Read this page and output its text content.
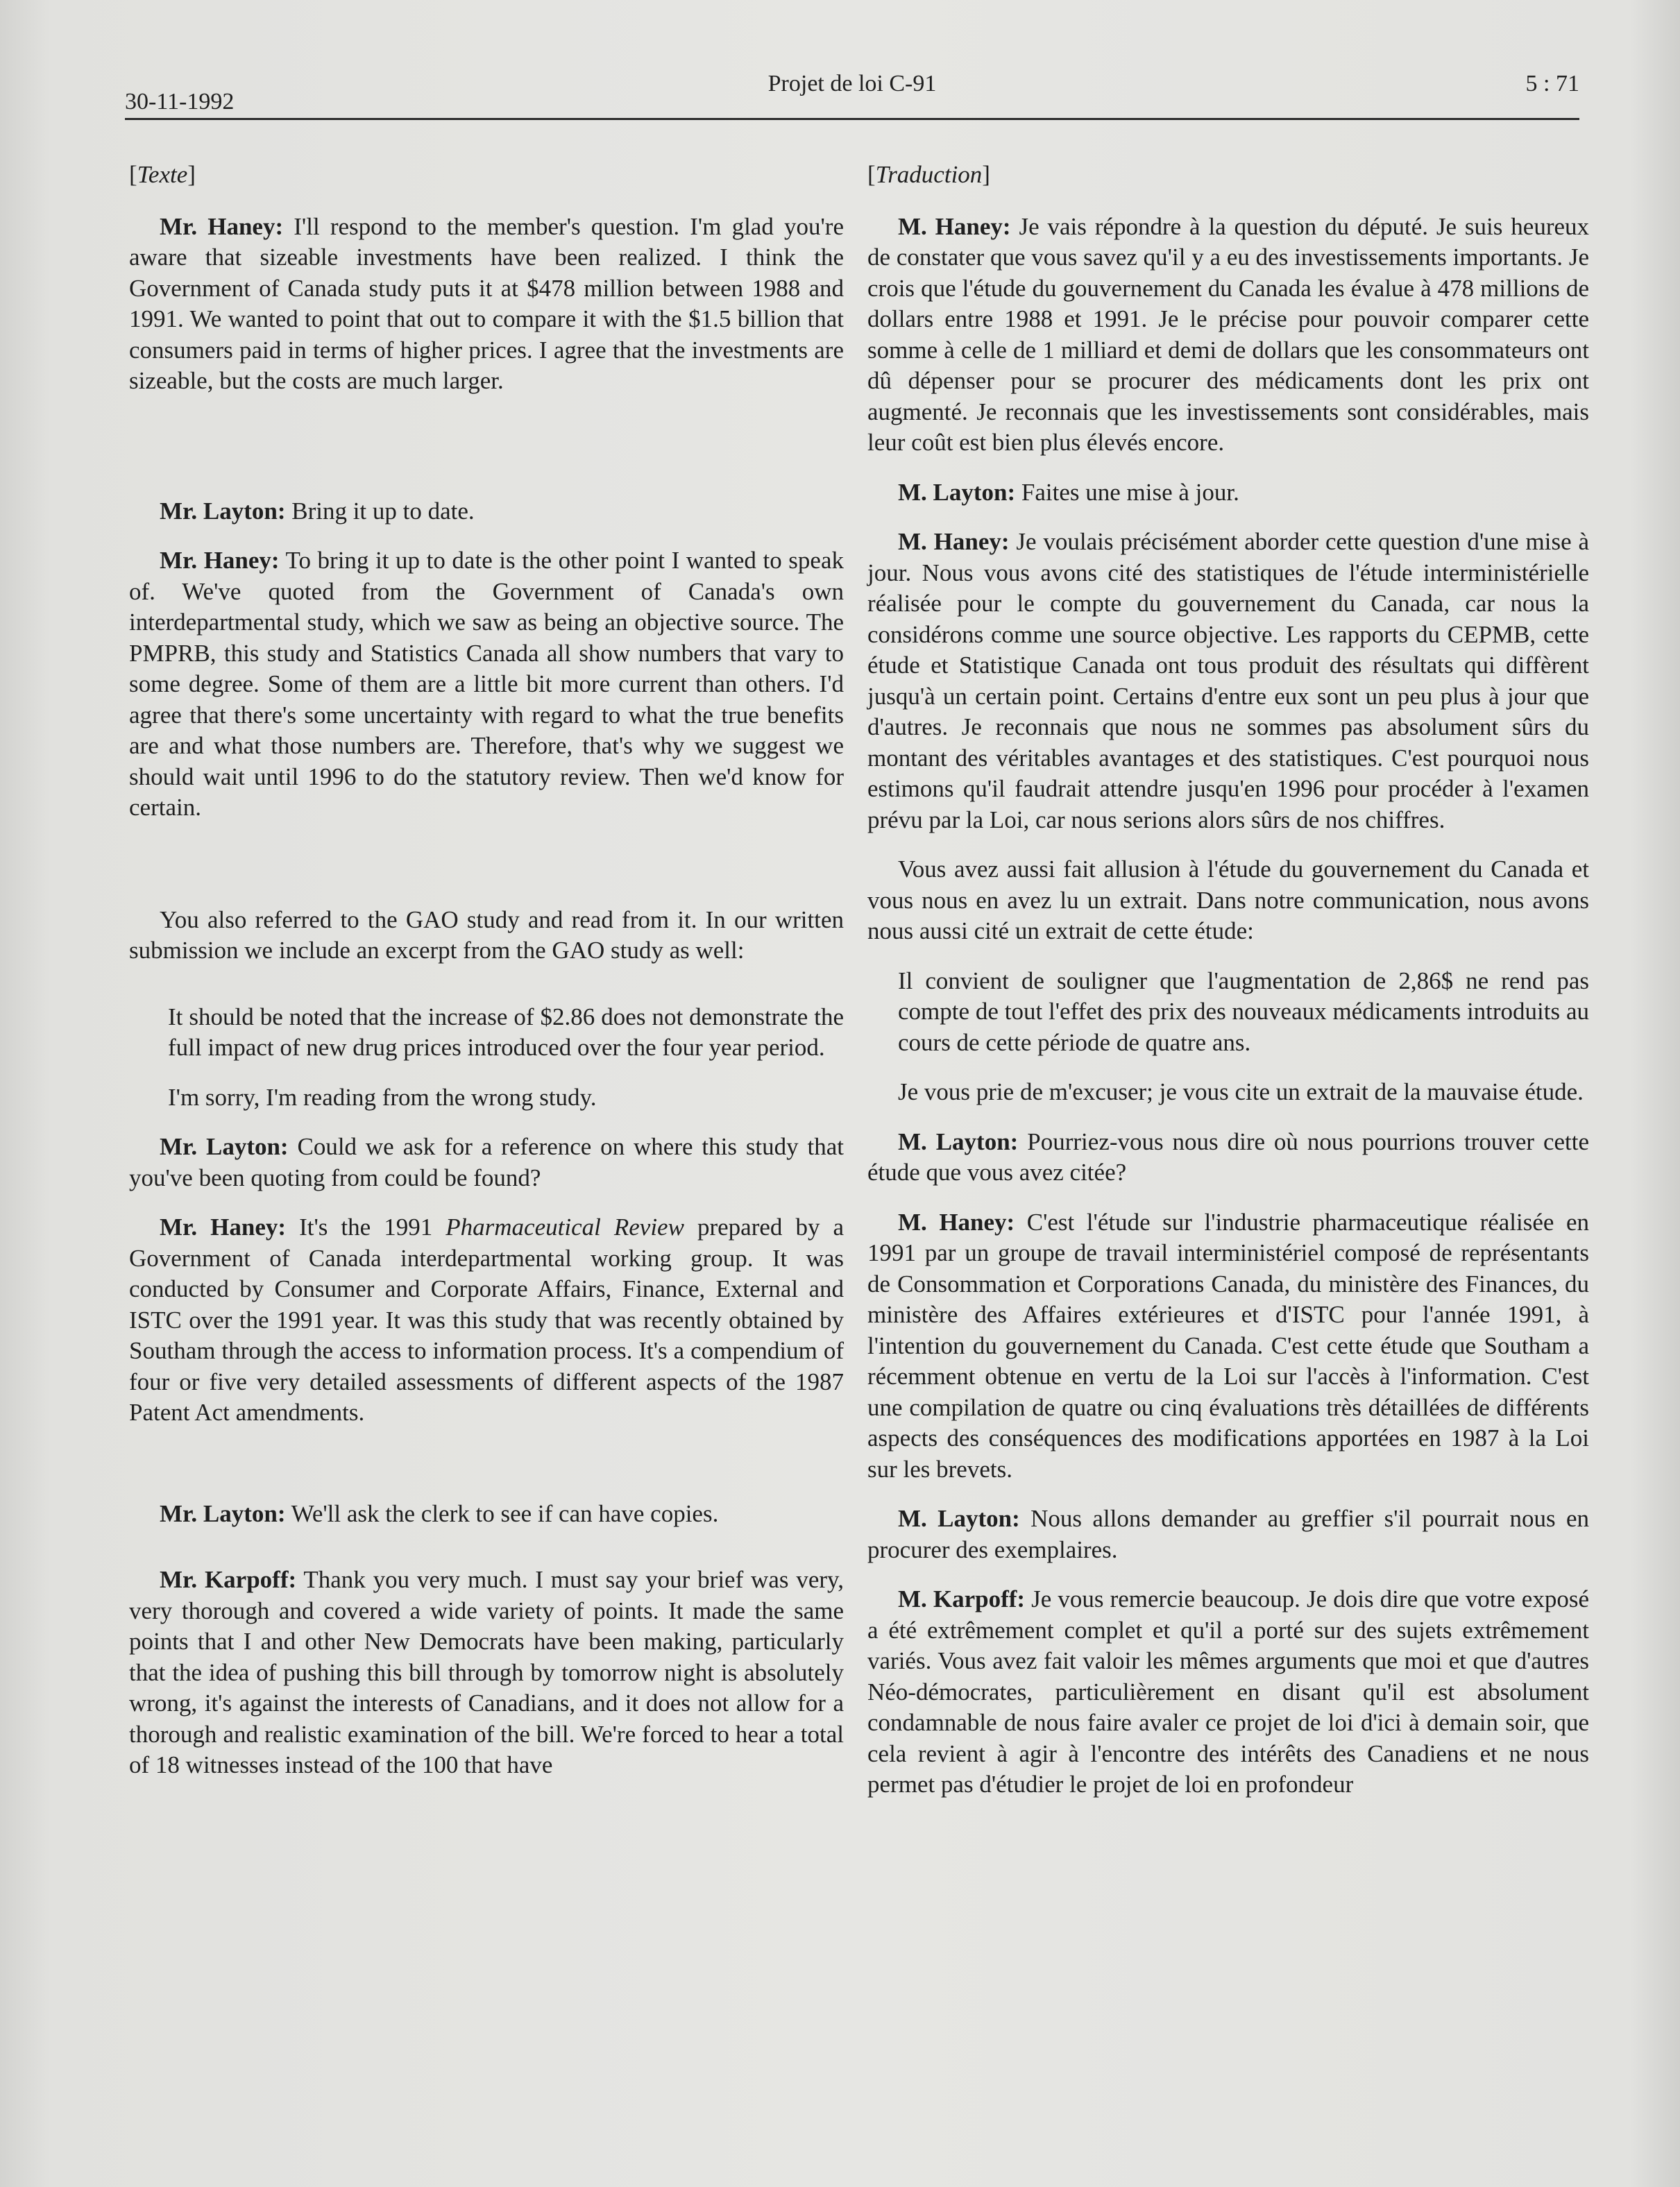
30-11-1992
Projet de loi C-91	5 : 71

[Texte]

Mr. Haney: I'll respond to the member's question. I'm glad you're aware that sizeable investments have been realized. I think the Government of Canada study puts it at $478 million between 1988 and 1991. We wanted to point that out to compare it with the $1.5 billion that consumers paid in terms of higher prices. I agree that the investments are sizeable, but the costs are much larger.

Mr. Layton: Bring it up to date.

Mr. Haney: To bring it up to date is the other point I wanted to speak of. We've quoted from the Government of Canada's own interdepartmental study, which we saw as being an objective source. The PMPRB, this study and Statistics Canada all show numbers that vary to some degree. Some of them are a little bit more current than others. I'd agree that there's some uncertainty with regard to what the true benefits are and what those numbers are. Therefore, that's why we suggest we should wait until 1996 to do the statutory review. Then we'd know for certain.

You also referred to the GAO study and read from it. In our written submission we include an excerpt from the GAO study as well:

It should be noted that the increase of $2.86 does not demonstrate the full impact of new drug prices introduced over the four year period.

I'm sorry, I'm reading from the wrong study.

Mr. Layton: Could we ask for a reference on where this study that you've been quoting from could be found?

Mr. Haney: It's the 1991 Pharmaceutical Review prepared by a Government of Canada interdepartmental working group. It was conducted by Consumer and Corporate Affairs, Finance, External and ISTC over the 1991 year. It was this study that was recently obtained by Southam through the access to information process. It's a compendium of four or five very detailed assessments of different aspects of the 1987 Patent Act amendments.

Mr. Layton: We'll ask the clerk to see if can have copies.

Mr. Karpoff: Thank you very much. I must say your brief was very, very thorough and covered a wide variety of points. It made the same points that I and other New Democrats have been making, particularly that the idea of pushing this bill through by tomorrow night is absolutely wrong, it's against the interests of Canadians, and it does not allow for a thorough and realistic examination of the bill. We're forced to hear a total of 18 witnesses instead of the 100 that have

[Traduction]

M. Haney: Je vais répondre à la question du député. Je suis heureux de constater que vous savez qu'il y a eu des investissements importants. Je crois que l'étude du gouvernement du Canada les évalue à 478 millions de dollars entre 1988 et 1991. Je le précise pour pouvoir comparer cette somme à celle de 1 milliard et demi de dollars que les consommateurs ont dû dépenser pour se procurer des médicaments dont les prix ont augmenté. Je reconnais que les investissements sont considérables, mais leur coût est bien plus élevés encore.

M. Layton: Faites une mise à jour.

M. Haney: Je voulais précisément aborder cette question d'une mise à jour. Nous vous avons cité des statistiques de l'étude interministérielle réalisée pour le compte du gouvernement du Canada, car nous la considérons comme une source objective. Les rapports du CEPMB, cette étude et Statistique Canada ont tous produit des résultats qui diffèrent jusqu'à un certain point. Certains d'entre eux sont un peu plus à jour que d'autres. Je reconnais que nous ne sommes pas absolument sûrs du montant des véritables avantages et des statistiques. C'est pourquoi nous estimons qu'il faudrait attendre jusqu'en 1996 pour procéder à l'examen prévu par la Loi, car nous serions alors sûrs de nos chiffres.

Vous avez aussi fait allusion à l'étude du gouvernement du Canada et vous nous en avez lu un extrait. Dans notre communication, nous avons nous aussi cité un extrait de cette étude:

Il convient de souligner que l'augmentation de 2,86$ ne rend pas compte de tout l'effet des prix des nouveaux médicaments introduits au cours de cette période de quatre ans.

Je vous prie de m'excuser; je vous cite un extrait de la mauvaise étude.

M. Layton: Pourriez-vous nous dire où nous pourrions trouver cette étude que vous avez citée?

M. Haney: C'est l'étude sur l'industrie pharmaceutique réalisée en 1991 par un groupe de travail interministériel composé de représentants de Consommation et Corporations Canada, du ministère des Finances, du ministère des Affaires extérieures et d'ISTC pour l'année 1991, à l'intention du gouvernement du Canada. C'est cette étude que Southam a récemment obtenue en vertu de la Loi sur l'accès à l'information. C'est une compilation de quatre ou cinq évaluations très détaillées de différents aspects des conséquences des modifications apportées en 1987 à la Loi sur les brevets.

M. Layton: Nous allons demander au greffier s'il pourrait nous en procurer des exemplaires.

M. Karpoff: Je vous remercie beaucoup. Je dois dire que votre exposé a été extrêmement complet et qu'il a porté sur des sujets extrêmement variés. Vous avez fait valoir les mêmes arguments que moi et que d'autres Néo-démocrates, particulièrement en disant qu'il est absolument condamnable de nous faire avaler ce projet de loi d'ici à demain soir, que cela revient à agir à l'encontre des intérêts des Canadiens et ne nous permet pas d'étudier le projet de loi en profondeur
